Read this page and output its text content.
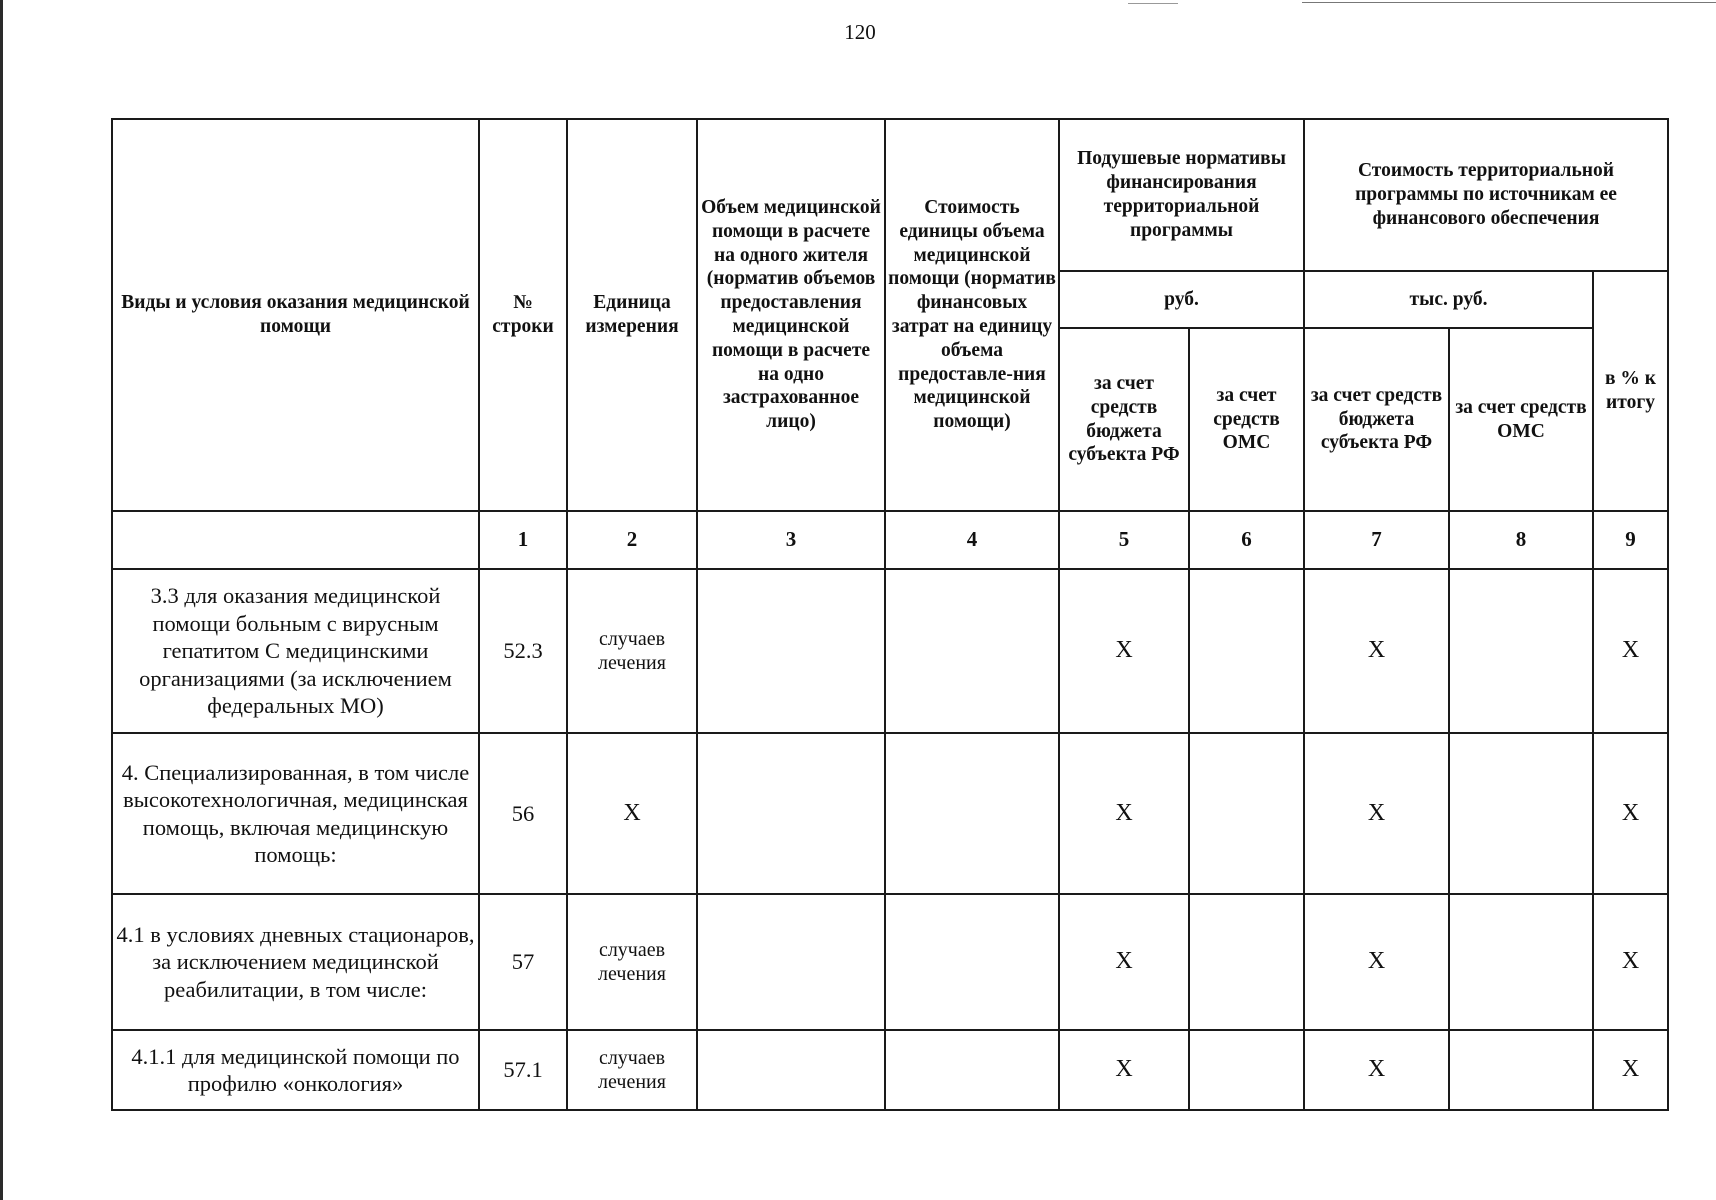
120
Виды и условия оказания медицинской помощи	№ строки	Единица измерения	Объем медицинской помощи в расчете на одного жителя (норматив объемов предоставления медицинской помощи в расчете на одно застрахованное лицо)	Стоимость единицы объема медицинской помощи (норматив финансовых затрат на единицу объема предоставле-ния медицинской помощи)	Подушевые нормативы финансирования территориальной программы		Стоимость территориальной программы по источникам ее финансового обеспечения		
					руб.		тыс. руб.		в % к итогу
					за счет средств бюджета субъекта РФ	за счет средств ОМС	за счет средств бюджета субъекта РФ	за счет средств ОМС	
	1	2	3	4	5	6	7	8	9
3.3 для оказания медицинской помощи больным с вирусным гепатитом С медицинскими организациями (за исключением федеральных МО)	52.3	случаев лечения			X		X		X
4. Специализированная, в том числе высокотехнологичная, медицинская помощь, включая медицинскую помощь:	56	X			X		X		X
4.1 в условиях дневных стационаров, за исключением медицинской реабилитации, в том числе:	57	случаев лечения			X		X		X
4.1.1 для медицинской помощи по профилю «онкология»	57.1	случаев лечения			X		X		X
